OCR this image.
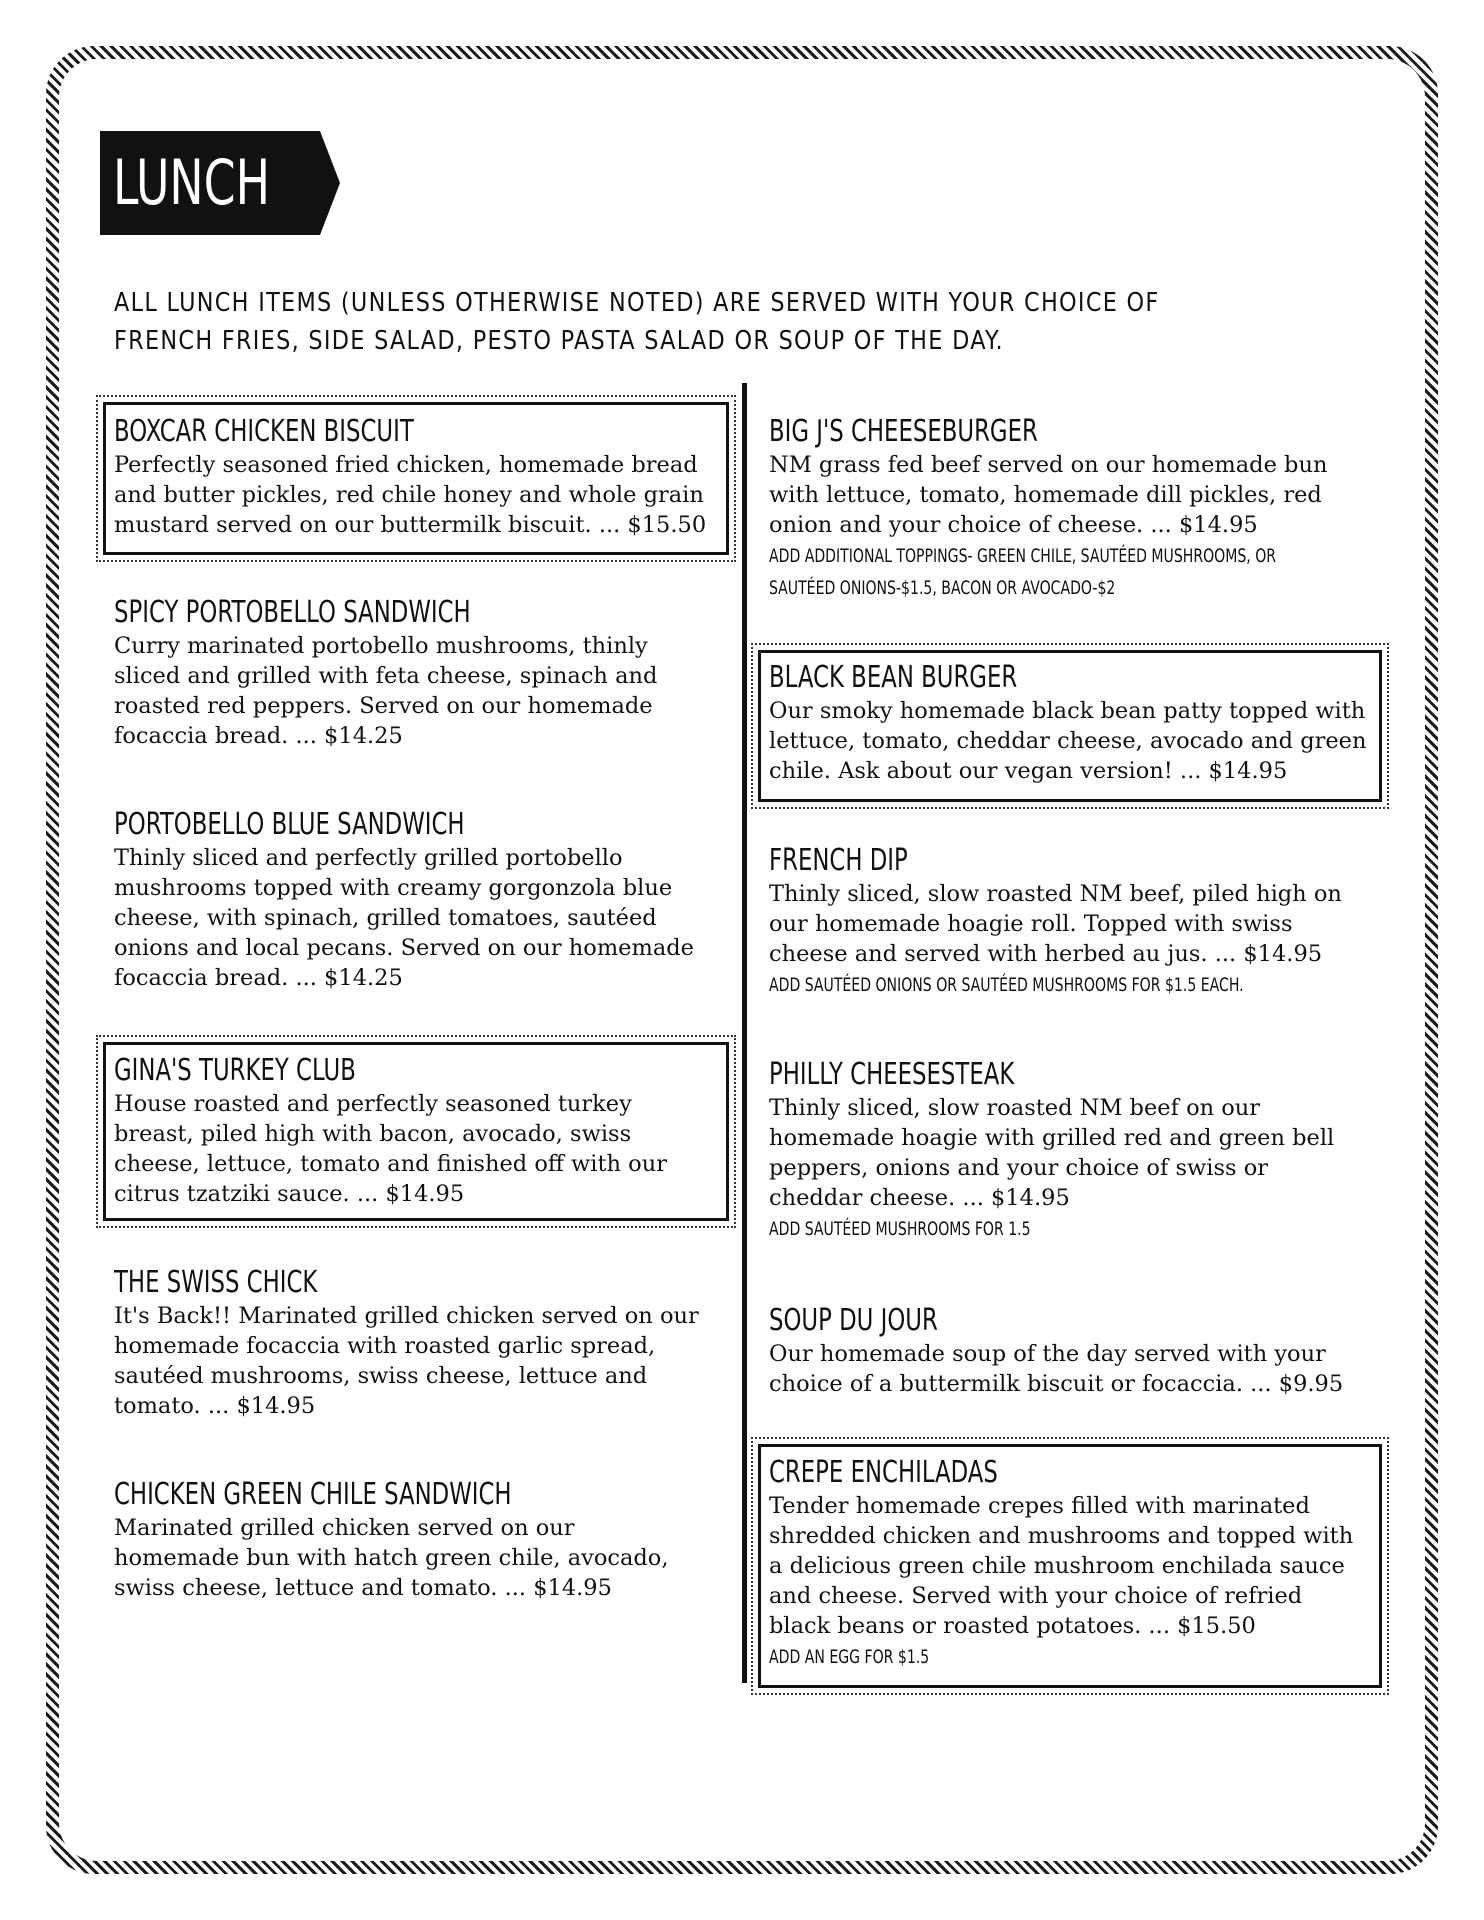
LUNCH
ALL LUNCH ITEMS (UNLESS OTHERWISE NOTED) ARE SERVED WITH YOUR CHOICE OF FRENCH FRIES, SIDE SALAD, PESTO PASTA SALAD OR SOUP OF THE DAY.
BOXCAR CHICKEN BISCUIT
Perfectly seasoned fried chicken, homemade bread and butter pickles, red chile honey and whole grain mustard served on our buttermilk biscuit. ... $15.50
SPICY PORTOBELLO SANDWICH
Curry marinated portobello mushrooms, thinly sliced and grilled with feta cheese, spinach and roasted red peppers. Served on our homemade focaccia bread. ... $14.25
PORTOBELLO BLUE SANDWICH
Thinly sliced and perfectly grilled portobello mushrooms topped with creamy gorgonzola blue cheese, with spinach, grilled tomatoes, sautéed onions and local pecans. Served on our homemade focaccia bread. ... $14.25
GINA'S TURKEY CLUB
House roasted and perfectly seasoned turkey breast, piled high with bacon, avocado, swiss cheese, lettuce, tomato and finished off with our citrus tzatziki sauce. ... $14.95
THE SWISS CHICK
It's Back!! Marinated grilled chicken served on our homemade focaccia with roasted garlic spread, sautéed mushrooms, swiss cheese, lettuce and tomato. ... $14.95
CHICKEN GREEN CHILE SANDWICH
Marinated grilled chicken served on our homemade bun with hatch green chile, avocado, swiss cheese, lettuce and tomato. ... $14.95
BIG J'S CHEESEBURGER
NM grass fed beef served on our homemade bun with lettuce, tomato, homemade dill pickles, red onion and your choice of cheese. ... $14.95
ADD ADDITIONAL TOPPINGS- GREEN CHILE, SAUTÉED MUSHROOMS, OR
SAUTÉED ONIONS-$1.5, BACON OR AVOCADO-$2
BLACK BEAN BURGER
Our smoky homemade black bean patty topped with lettuce, tomato, cheddar cheese, avocado and green chile. Ask about our vegan version! ... $14.95
FRENCH DIP
Thinly sliced, slow roasted NM beef, piled high on our homemade hoagie roll. Topped with swiss cheese and served with herbed au jus. ... $14.95
ADD SAUTÉED ONIONS OR SAUTÉED MUSHROOMS FOR $1.5 EACH.
PHILLY CHEESESTEAK
Thinly sliced, slow roasted NM beef on our homemade hoagie with grilled red and green bell peppers, onions and your choice of swiss or cheddar cheese. ... $14.95
ADD SAUTÉED MUSHROOMS FOR 1.5
SOUP DU JOUR
Our homemade soup of the day served with your choice of a buttermilk biscuit or focaccia. ... $9.95
CREPE ENCHILADAS
Tender homemade crepes filled with marinated shredded chicken and mushrooms and topped with a delicious green chile mushroom enchilada sauce and cheese. Served with your choice of refried black beans or roasted potatoes. ... $15.50
ADD AN EGG FOR $1.5
